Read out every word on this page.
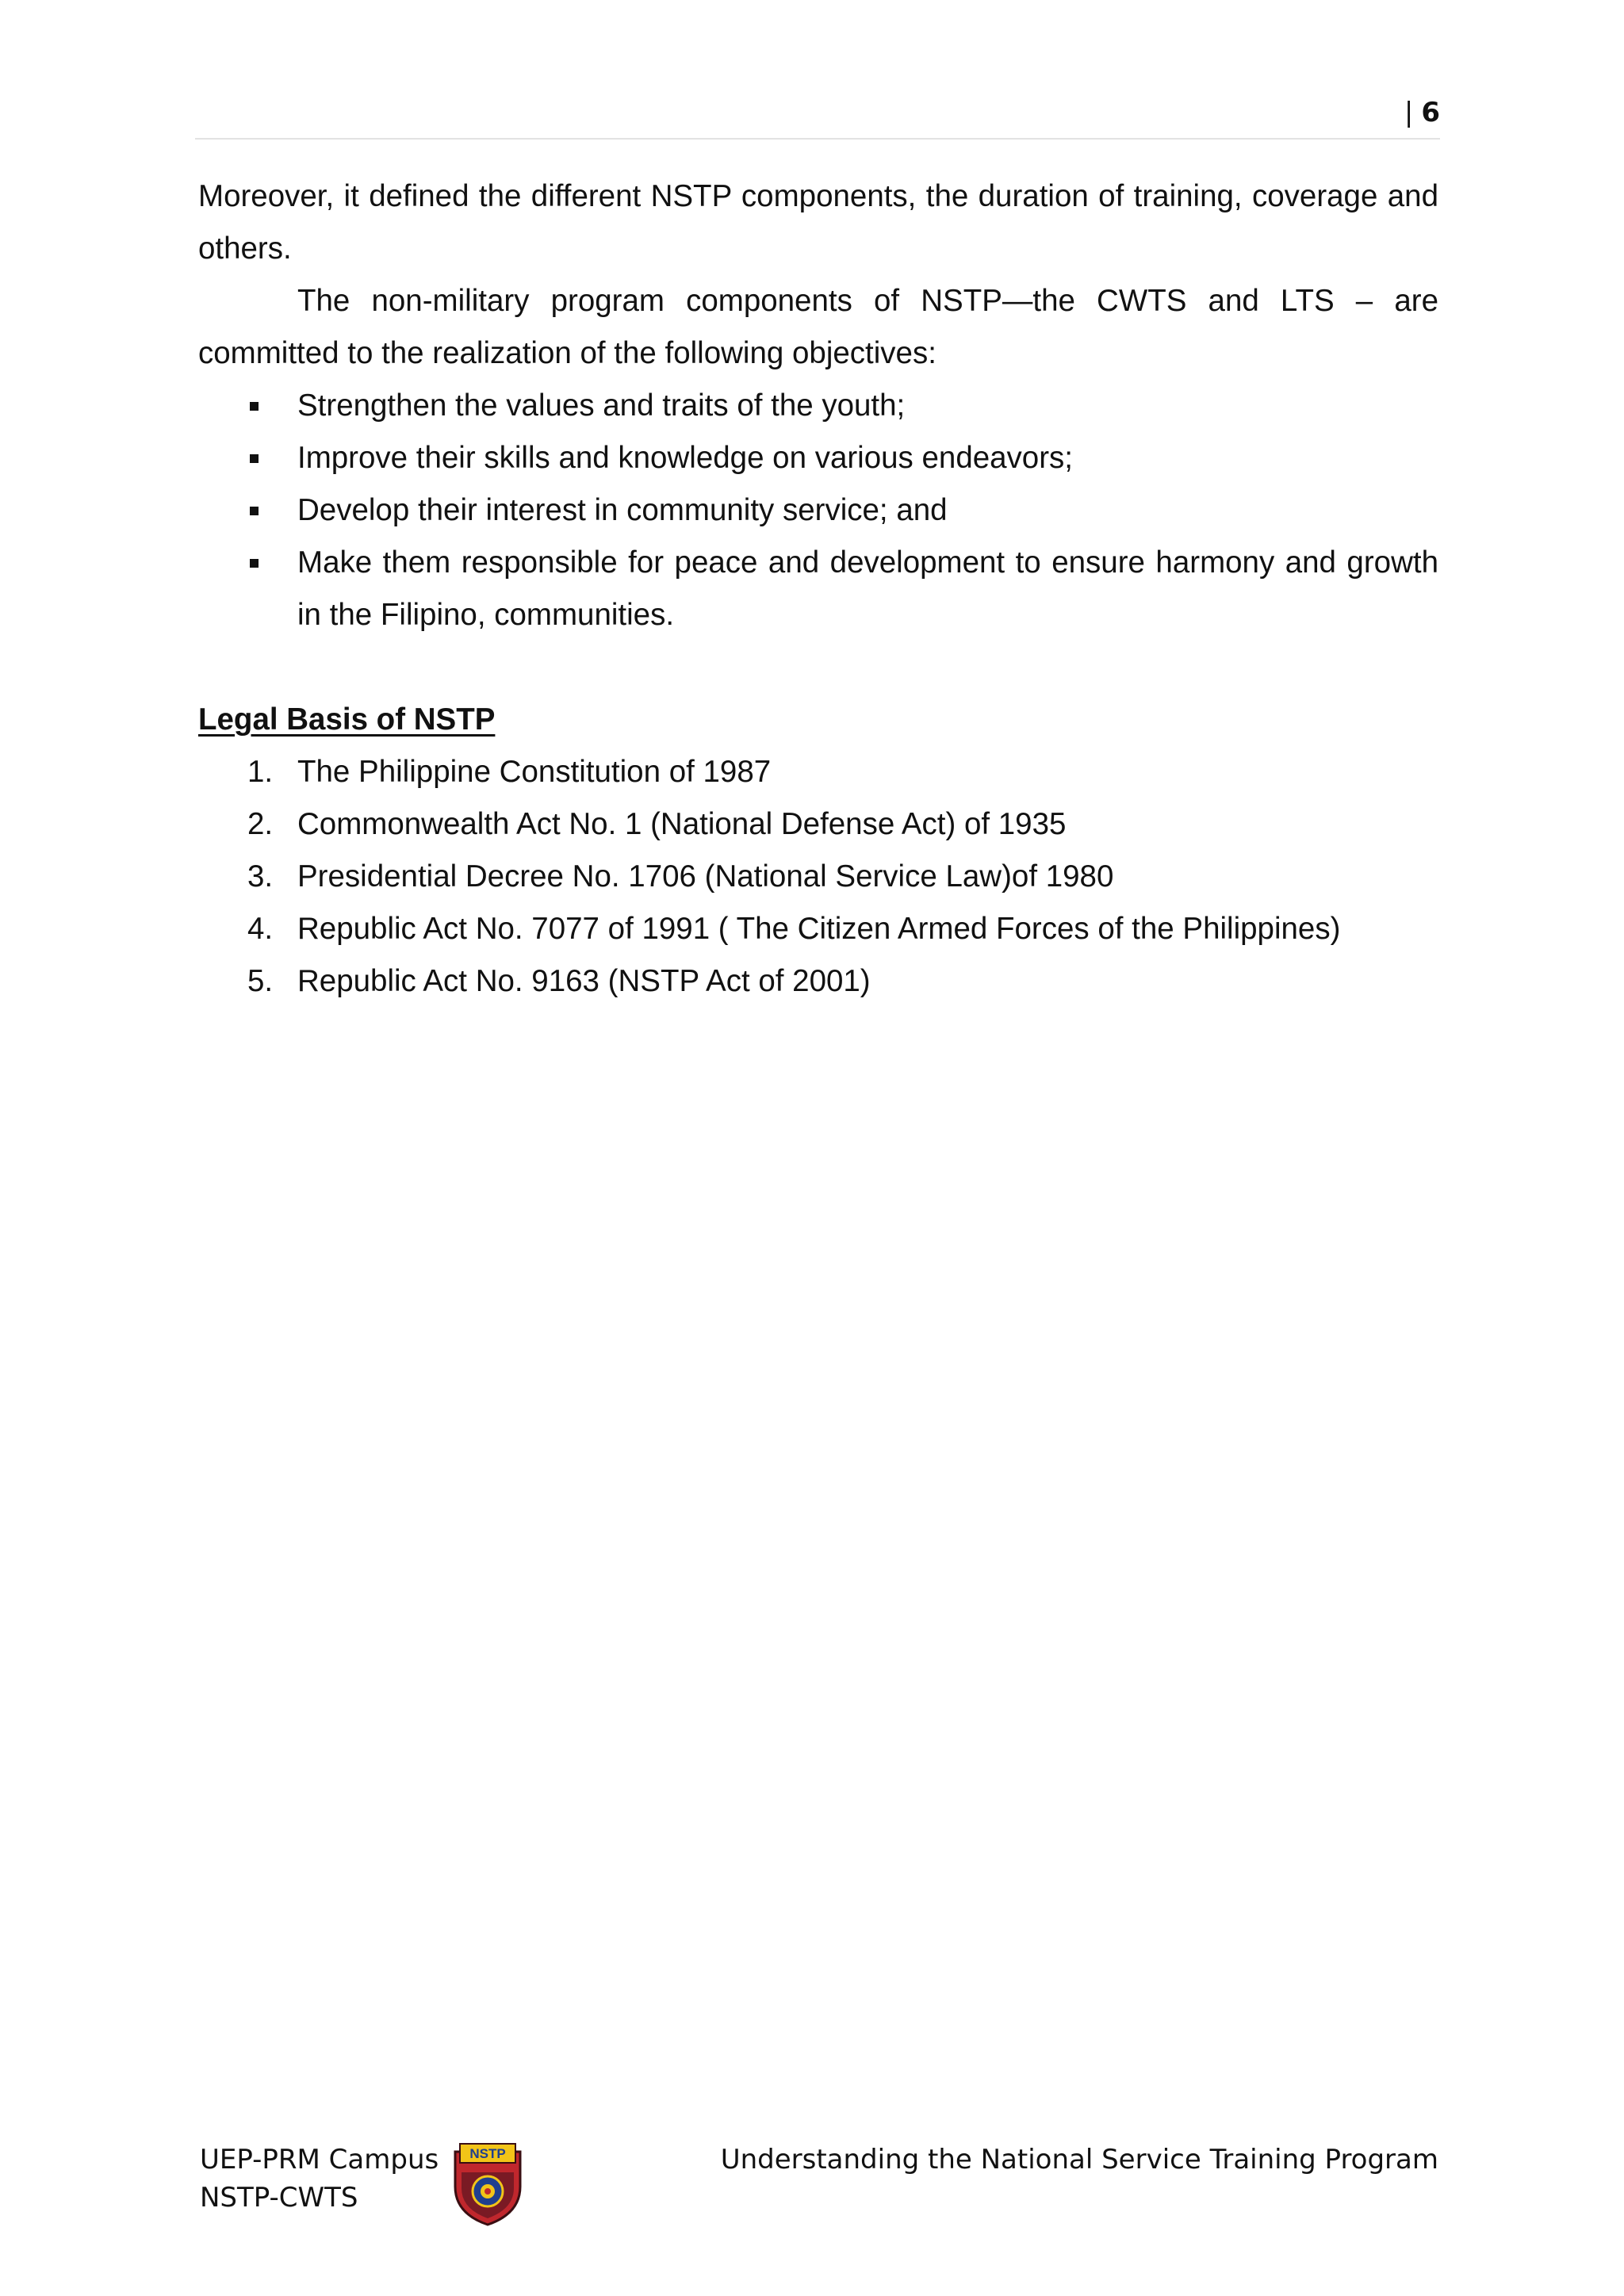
| 6

Moreover, it defined the different NSTP components, the duration of training, coverage and others.

The non-military program components of NSTP—the CWTS and LTS – are committed to the realization of the following objectives:

Strengthen the values and traits of the youth;
Improve their skills and knowledge on various endeavors;
Develop their interest in community service; and
Make them responsible for peace and development to ensure harmony and growth in the Filipino, communities.
Legal Basis of NSTP
1. The Philippine Constitution of 1987
2. Commonwealth Act No. 1 (National Defense Act) of 1935
3. Presidential Decree No. 1706 (National Service Law)of 1980
4. Republic Act No. 7077 of 1991 ( The Citizen Armed Forces of the Philippines)
5. Republic Act No. 9163 (NSTP Act of 2001)
UEP-PRM Campus
NSTP-CWTS
NSTP	Understanding the National Service Training Program
